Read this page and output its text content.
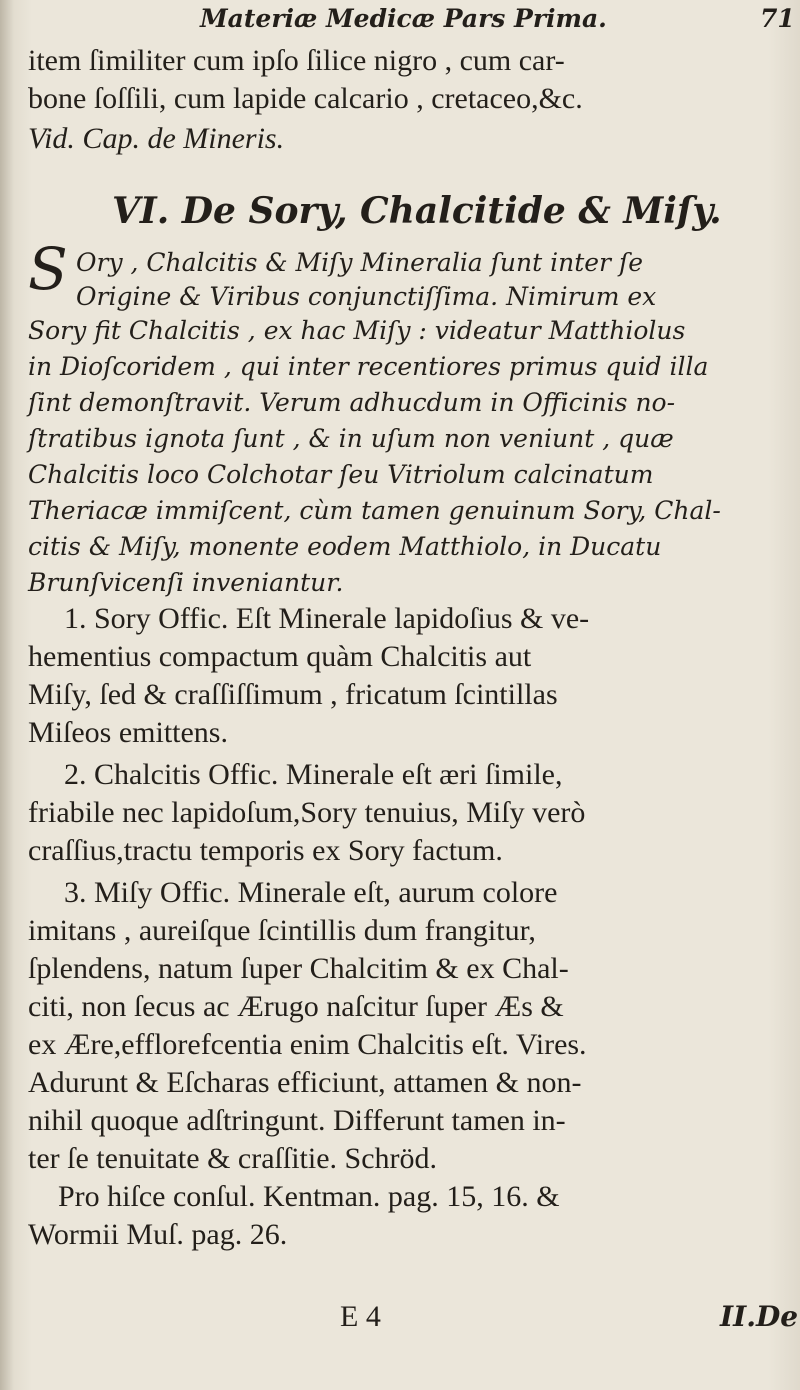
Materiæ Medicæ Pars Prima.	71
item ſimiliter cum ipſo ſilice nigro , cum car-
bone ſoſſili, cum lapide calcario , cretaceo,&c.
Vid. Cap. de Mineris.
VI. De Sory, Chalcitide & Miſy.
S Ory , Chalcitis & Miſy Mineralia ſunt inter ſe
Origine & Viribus conjunctiſſima. Nimirum ex
Sory fit Chalcitis , ex hac Miſy : videatur Matthiolus
in Dioſcoridem , qui inter recentiores primus quid illa
ſint demonſtravit. Verum adhucdum in Officinis no-
ſtratibus ignota ſunt , & in uſum non veniunt , quæ
Chalcitis loco Colchotar ſeu Vitriolum calcinatum
Theriacæ immiſcent, cùm tamen genuinum Sory, Chal-
citis & Miſy, monente eodem Matthiolo, in Ducatu
Brunſvicenſi inveniantur.
1. Sory Offic. Eſt Minerale lapidoſius & ve-
hementius compactum quàm Chalcitis aut
Miſy, ſed & craſſiſſimum , fricatum ſcintillas
Miſeos emittens.
2. Chalcitis Offic. Minerale eſt æri ſimile,
friabile nec lapidoſum,Sory tenuius, Miſy verò
craſſius,tractu temporis ex Sory factum.
3. Miſy Offic. Minerale eſt, aurum colore
imitans , aureiſque ſcintillis dum frangitur,
ſplendens, natum ſuper Chalcitim & ex Chal-
citi, non ſecus ac Ærugo naſcitur ſuper Æs &
ex Ære,efflorefcentia enim Chalcitis eſt. Vires.
Adurunt & Eſcharas efficiunt, attamen & non-
nihil quoque adſtringunt. Differunt tamen in-
ter ſe tenuitate & craſſitie. Schröd.
Pro hiſce conſul. Kentman. pag. 15, 16. &
Wormii Muſ. pag. 26.
E 4	II.De
